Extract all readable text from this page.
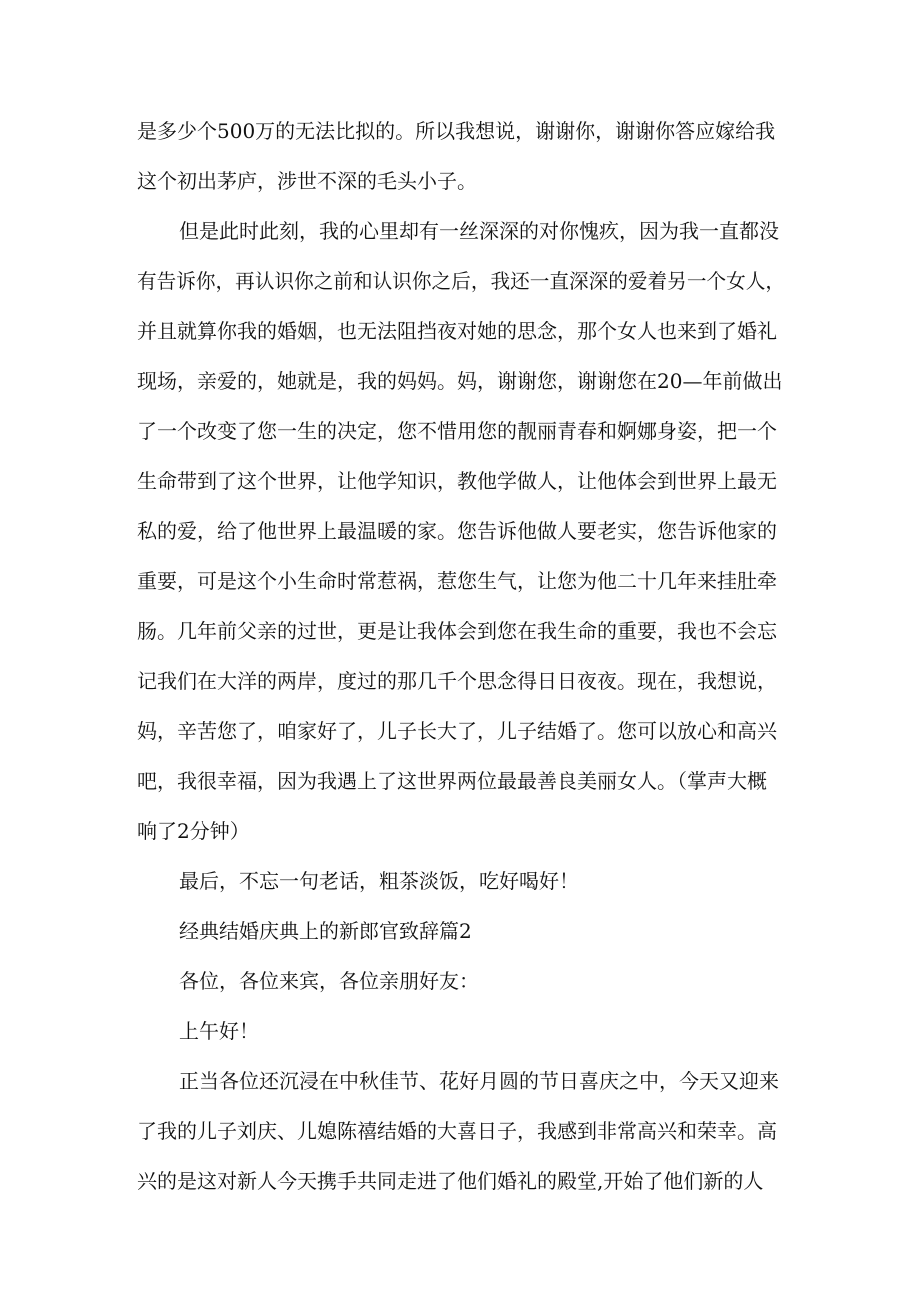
是多少个500万的无法比拟的。所以我想说，谢谢你，谢谢你答应嫁给我
这个初出茅庐，涉世不深的毛头小子。
但是此时此刻，我的心里却有一丝深深的对你愧疚，因为我一直都没
有告诉你，再认识你之前和认识你之后，我还一直深深的爱着另一个女人，
并且就算你我的婚姻，也无法阻挡夜对她的思念，那个女人也来到了婚礼
现场，亲爱的，她就是，我的妈妈。妈，谢谢您，谢谢您在20—年前做出
了一个改变了您一生的决定，您不惜用您的靓丽青春和婀娜身姿，把一个
生命带到了这个世界，让他学知识，教他学做人，让他体会到世界上最无
私的爱，给了他世界上最温暖的家。您告诉他做人要老实，您告诉他家的
重要，可是这个小生命时常惹祸，惹您生气，让您为他二十几年来挂肚牵
肠。几年前父亲的过世，更是让我体会到您在我生命的重要，我也不会忘
记我们在大洋的两岸，度过的那几千个思念得日日夜夜。现在，我想说，
妈，辛苦您了，咱家好了，儿子长大了，儿子结婚了。您可以放心和高兴
吧，我很幸福，因为我遇上了这世界两位最最善良美丽女人。（掌声大概
响了2分钟）
最后，不忘一句老话，粗茶淡饭，吃好喝好！
经典结婚庆典上的新郎官致辞篇2
各位，各位来宾，各位亲朋好友：
上午好！
正当各位还沉浸在中秋佳节、花好月圆的节日喜庆之中，今天又迎来
了我的儿子刘庆、儿媳陈禧结婚的大喜日子，我感到非常高兴和荣幸。高
兴的是这对新人今天携手共同走进了他们婚礼的殿堂,开始了他们新的人
